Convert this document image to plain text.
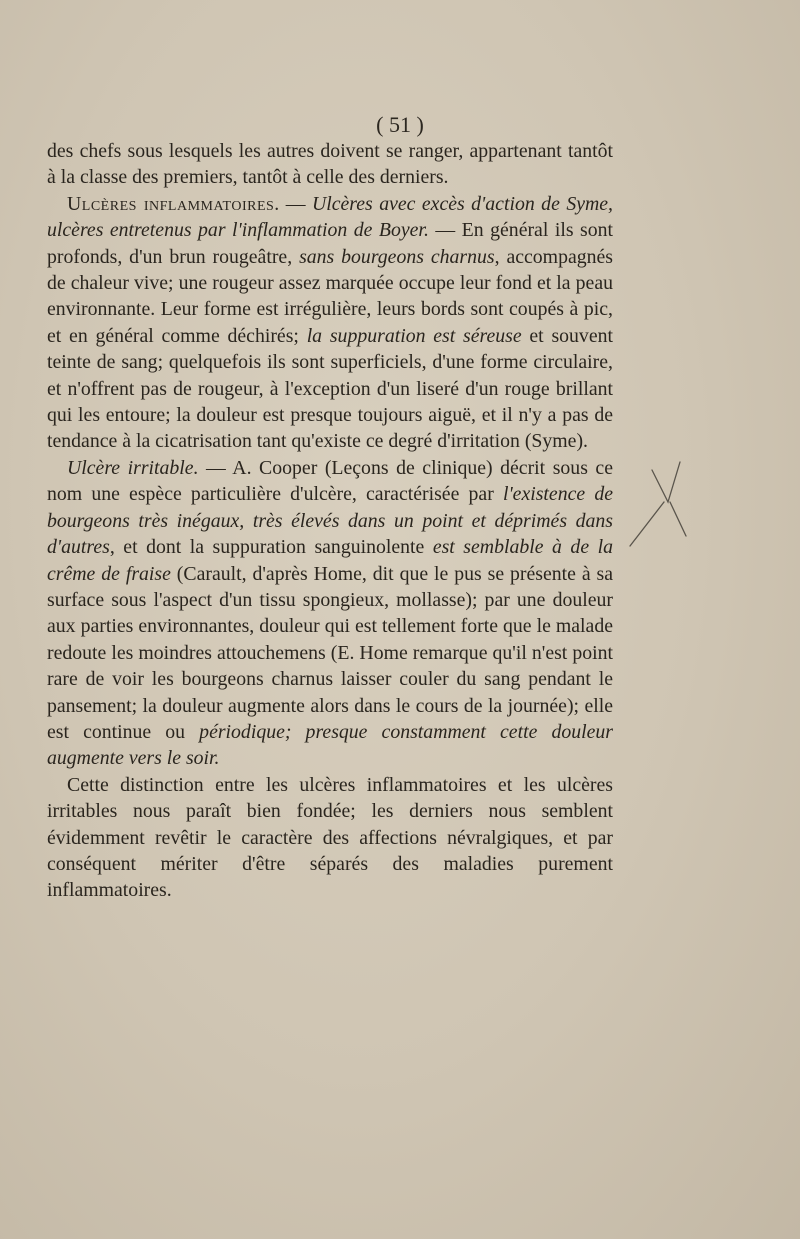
( 51 )

des chefs sous lesquels les autres doivent se ranger, appartenant tantôt à la classe des premiers, tantôt à celle des derniers.

Ulcères inflammatoires. — Ulcères avec excès d'action de Syme, ulcères entretenus par l'inflammation de Boyer. — En général ils sont profonds, d'un brun rougeâtre, sans bourgeons charnus, accompagnés de chaleur vive; une rougeur assez marquée occupe leur fond et la peau environnante. Leur forme est irrégulière, leurs bords sont coupés à pic, et en général comme déchirés; la suppuration est séreuse et souvent teinte de sang; quelquefois ils sont superficiels, d'une forme circulaire, et n'offrent pas de rougeur, à l'exception d'un liseré d'un rouge brillant qui les entoure; la douleur est presque toujours aiguë, et il n'y a pas de tendance à la cicatrisation tant qu'existe ce degré d'irritation (Syme).

Ulcère irritable. — A. Cooper (Leçons de clinique) décrit sous ce nom une espèce particulière d'ulcère, caractérisée par l'existence de bourgeons très inégaux, très élevés dans un point et déprimés dans d'autres, et dont la suppuration sanguinolente est semblable à de la crême de fraise (Carault, d'après Home, dit que le pus se présente à sa surface sous l'aspect d'un tissu spongieux, mollasse); par une douleur aux parties environnantes, douleur qui est tellement forte que le malade redoute les moindres attouchemens (E. Home remarque qu'il n'est point rare de voir les bourgeons charnus laisser couler du sang pendant le pansement; la douleur augmente alors dans le cours de la journée); elle est continue ou périodique; presque constamment cette douleur augmente vers le soir.

Cette distinction entre les ulcères inflammatoires et les ulcères irritables nous paraît bien fondée; les derniers nous semblent évidemment revêtir le caractère des affections névralgiques, et par conséquent mériter d'être séparés des maladies purement inflammatoires.
